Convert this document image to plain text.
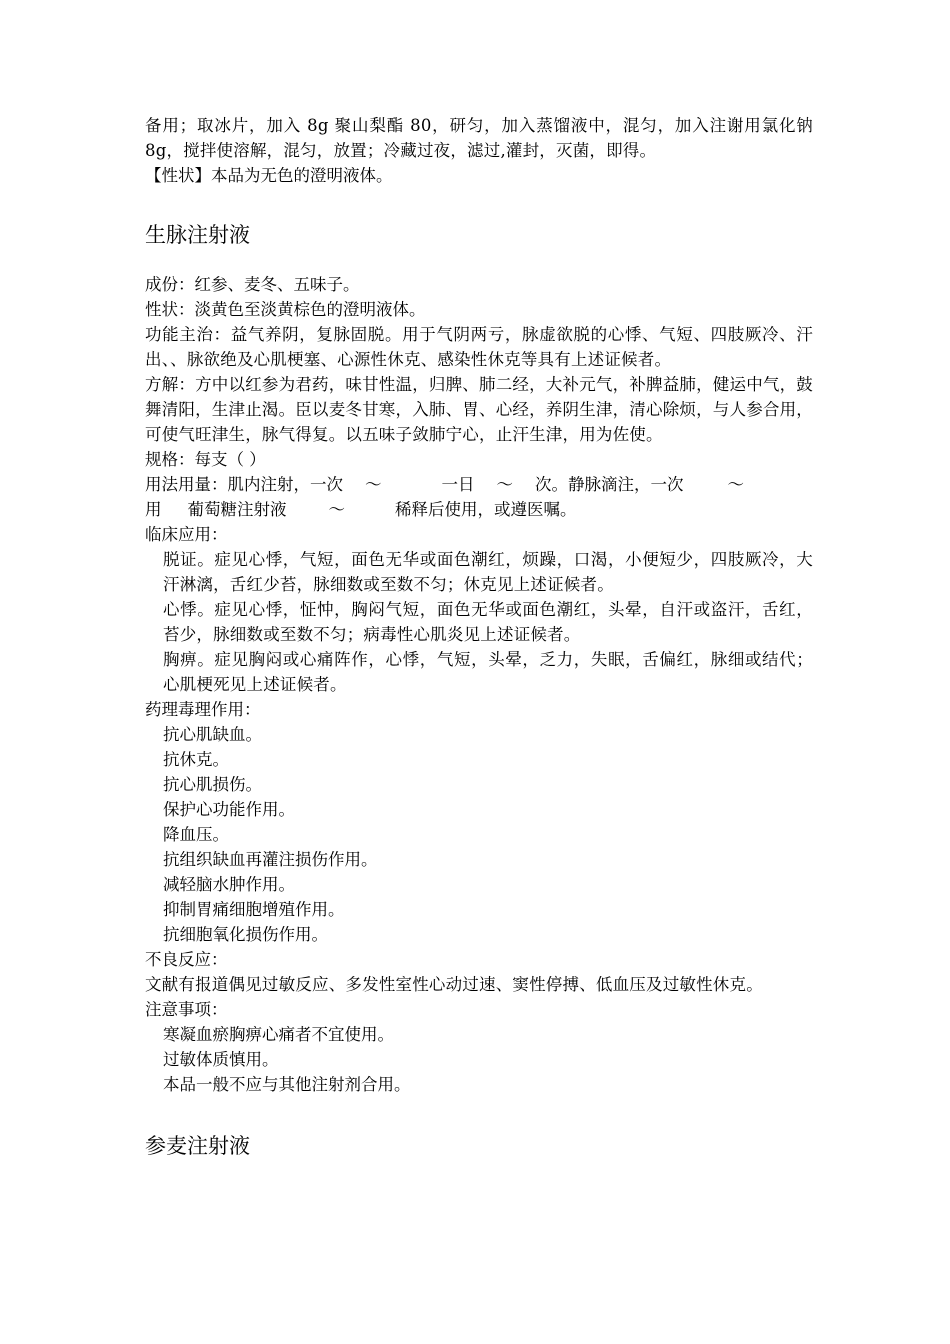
备用；取冰片，加入 8g 聚山梨酯 80，研匀，加入蒸馏液中，混匀，加入注谢用氯化钠 8g，搅拌使溶解，混匀，放置；冷藏过夜，滤过,灌封，灭菌，即得。
【性状】本品为无色的澄明液体。
生脉注射液
成份：红参、麦冬、五味子。
性状：淡黄色至淡黄棕色的澄明液体。
功能主治：益气养阴，复脉固脱。用于气阴两亏，脉虚欲脱的心悸、气短、四肢厥冷、汗出、、脉欲绝及心肌梗塞、心源性休克、感染性休克等具有上述证候者。
方解：方中以红参为君药，味甘性温，归脾、肺二经，大补元气，补脾益肺，健运中气，鼓舞清阳，生津止渴。臣以麦冬甘寒，入肺、胃、心经，养阴生津，清心除烦，与人参合用，可使气旺津生，脉气得复。以五味子敛肺宁心，止汗生津，用为佐使。
规格：每支（ ）
用法用量：肌内注射，一次 ～	一日 ～ 次。静脉滴注，一次	～
用 葡萄糖注射液	～	稀释后使用，或遵医嘱。
临床应用：
脱证。症见心悸，气短，面色无华或面色潮红，烦躁，口渴，小便短少，四肢厥冷，大汗淋漓，舌红少苔，脉细数或至数不匀；休克见上述证候者。
心悸。症见心悸，怔忡，胸闷气短，面色无华或面色潮红，头晕，自汗或盗汗，舌红，苔少，脉细数或至数不匀；病毒性心肌炎见上述证候者。
胸痹。症见胸闷或心痛阵作，心悸，气短，头晕，乏力，失眠，舌偏红，脉细或结代；心肌梗死见上述证候者。
药理毒理作用：
抗心肌缺血。
抗休克。
抗心肌损伤。
保护心功能作用。
降血压。
抗组织缺血再灌注损伤作用。
减轻脑水肿作用。
抑制胃痛细胞增殖作用。
抗细胞氧化损伤作用。
不良反应：
文献有报道偶见过敏反应、多发性室性心动过速、窦性停搏、低血压及过敏性休克。
注意事项：
寒凝血瘀胸痹心痛者不宜使用。
过敏体质慎用。
本品一般不应与其他注射剂合用。
参麦注射液
